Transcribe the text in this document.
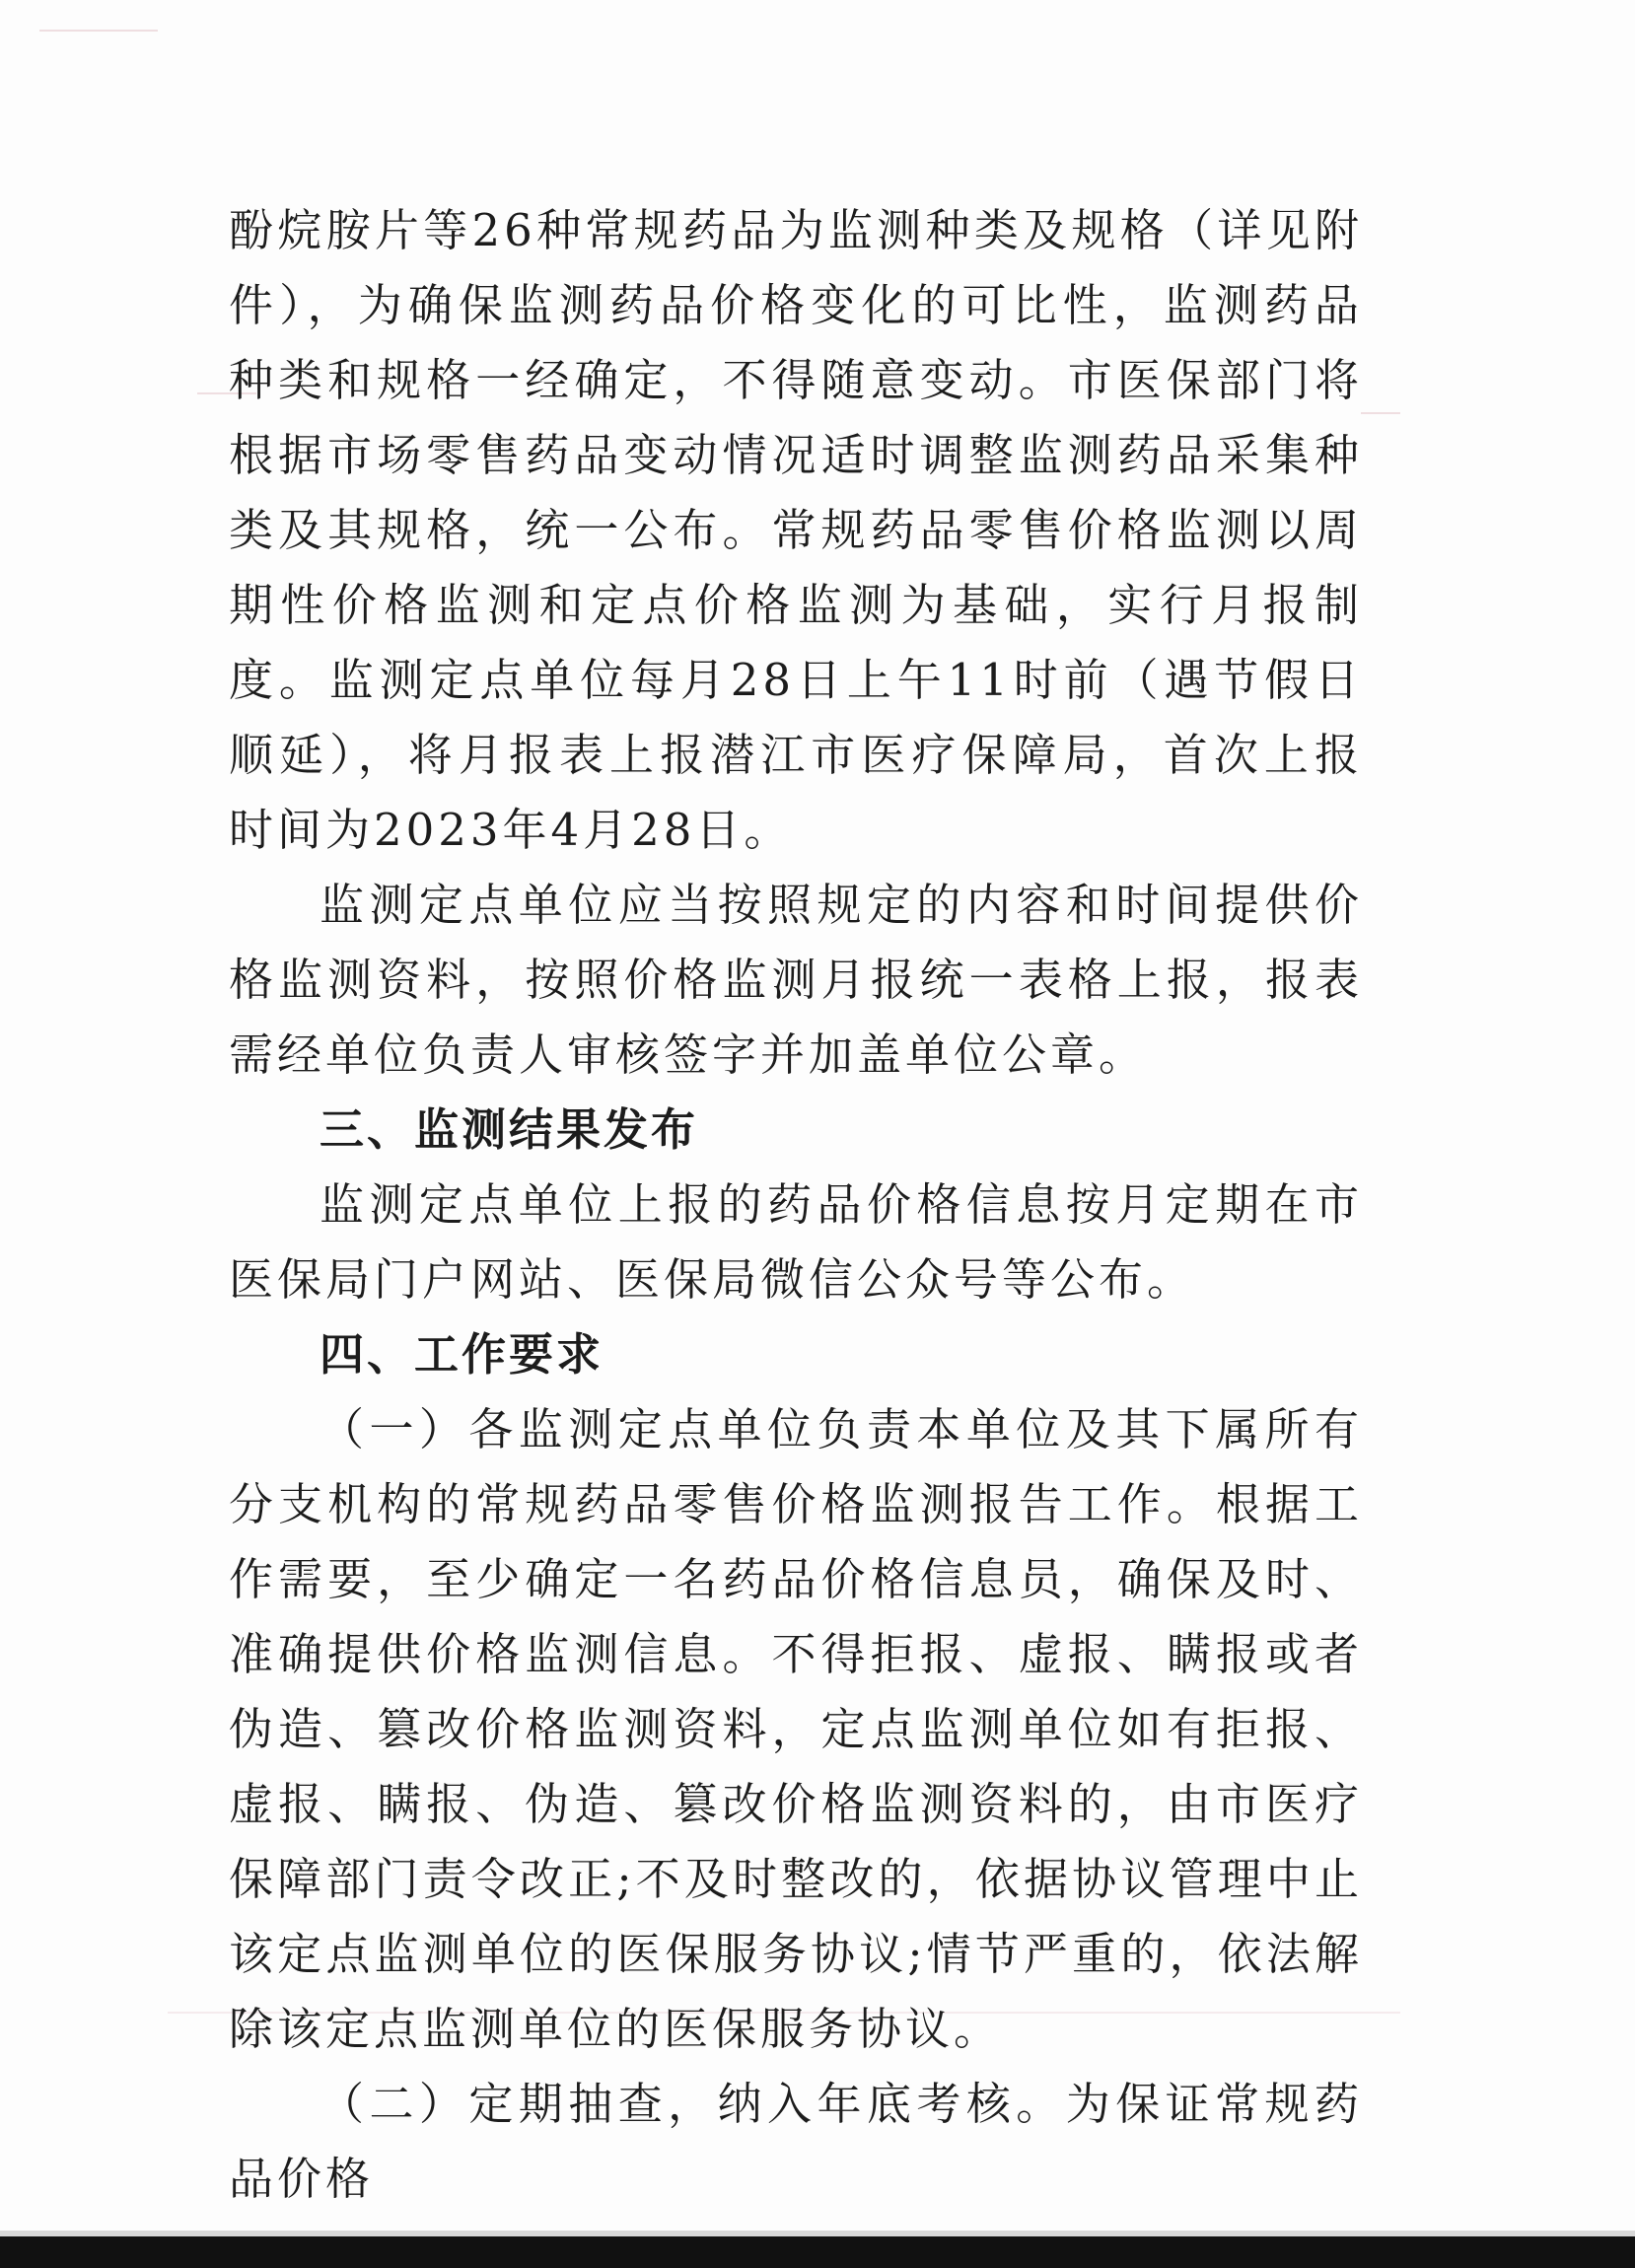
酚烷胺片等26种常规药品为监测种类及规格（详见附件），为确保监测药品价格变化的可比性，监测药品种类和规格一经确定，不得随意变动。市医保部门将根据市场零售药品变动情况适时调整监测药品采集种类及其规格，统一公布。常规药品零售价格监测以周期性价格监测和定点价格监测为基础，实行月报制度。监测定点单位每月28日上午11时前（遇节假日顺延），将月报表上报潜江市医疗保障局，首次上报时间为2023年4月28日。

监测定点单位应当按照规定的内容和时间提供价格监测资料，按照价格监测月报统一表格上报，报表需经单位负责人审核签字并加盖单位公章。

三、监测结果发布

监测定点单位上报的药品价格信息按月定期在市医保局门户网站、医保局微信公众号等公布。

四、工作要求

（一）各监测定点单位负责本单位及其下属所有分支机构的常规药品零售价格监测报告工作。根据工作需要，至少确定一名药品价格信息员，确保及时、准确提供价格监测信息。不得拒报、虚报、瞒报或者伪造、篡改价格监测资料，定点监测单位如有拒报、虚报、瞒报、伪造、篡改价格监测资料的，由市医疗保障部门责令改正;不及时整改的，依据协议管理中止该定点监测单位的医保服务协议;情节严重的，依法解除该定点监测单位的医保服务协议。

（二）定期抽查，纳入年底考核。为保证常规药品价格
